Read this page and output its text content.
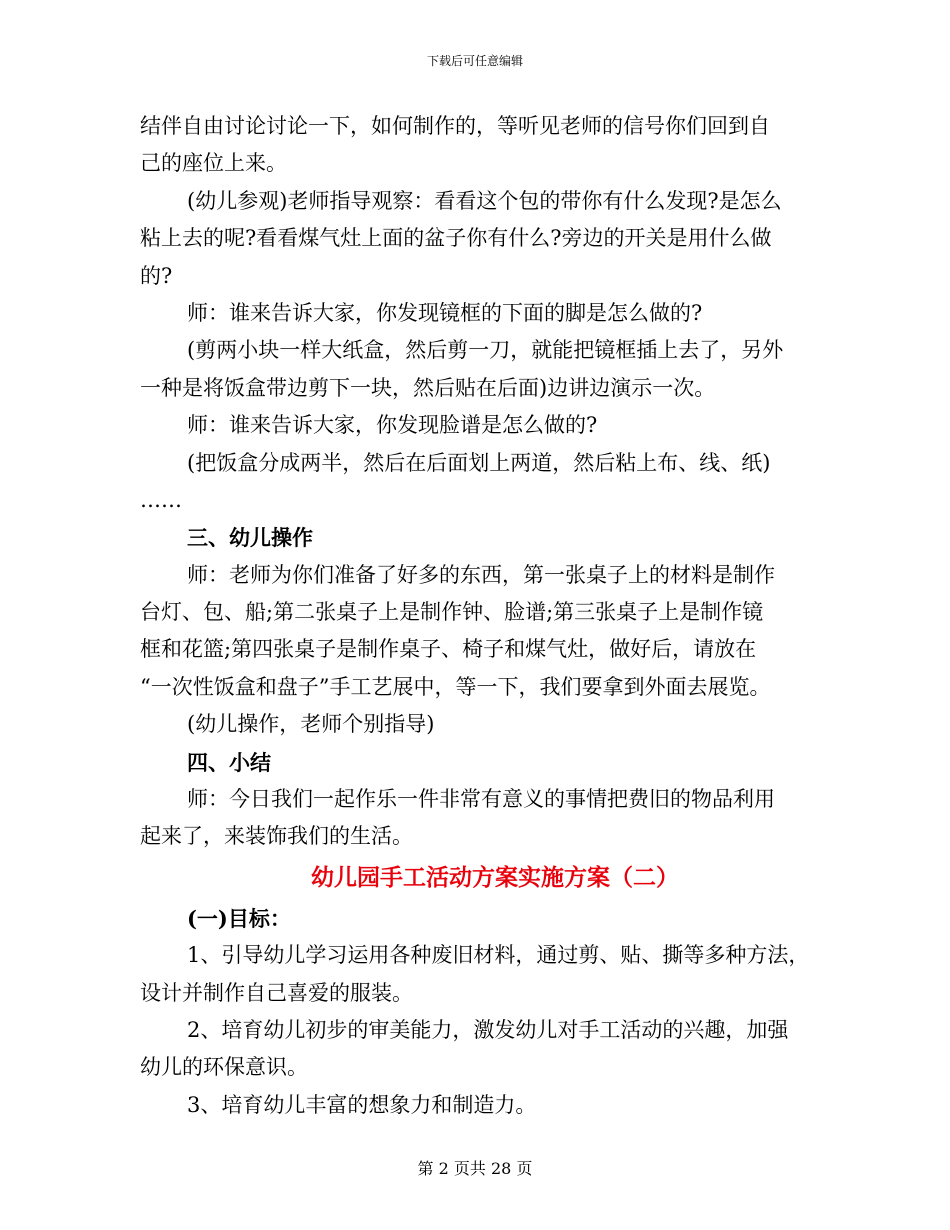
下载后可任意编辑
结伴自由讨论讨论一下，如何制作的，等听见老师的信号你们回到自
己的座位上来。
(幼儿参观)老师指导观察：看看这个包的带你有什么发现?是怎么
粘上去的呢?看看煤气灶上面的盆子你有什么?旁边的开关是用什么做
的?
师：谁来告诉大家，你发现镜框的下面的脚是怎么做的?
(剪两小块一样大纸盒，然后剪一刀，就能把镜框插上去了，另外
一种是将饭盒带边剪下一块，然后贴在后面)边讲边演示一次。
师：谁来告诉大家，你发现脸谱是怎么做的?
(把饭盒分成两半，然后在后面划上两道，然后粘上布、线、纸)
……
三、幼儿操作
师：老师为你们准备了好多的东西，第一张桌子上的材料是制作
台灯、包、船;第二张桌子上是制作钟、脸谱;第三张桌子上是制作镜
框和花篮;第四张桌子是制作桌子、椅子和煤气灶，做好后，请放在
“一次性饭盒和盘子”手工艺展中，等一下，我们要拿到外面去展览。
(幼儿操作，老师个别指导)
四、小结
师：今日我们一起作乐一件非常有意义的事情把费旧的物品利用
起来了，来装饰我们的生活。
幼儿园手工活动方案实施方案（二）
(一)目标：
1、引导幼儿学习运用各种废旧材料，通过剪、贴、撕等多种方法，
设计并制作自己喜爱的服装。
2、培育幼儿初步的审美能力，激发幼儿对手工活动的兴趣，加强
幼儿的环保意识。
3、培育幼儿丰富的想象力和制造力。
第 2 页共 28 页
